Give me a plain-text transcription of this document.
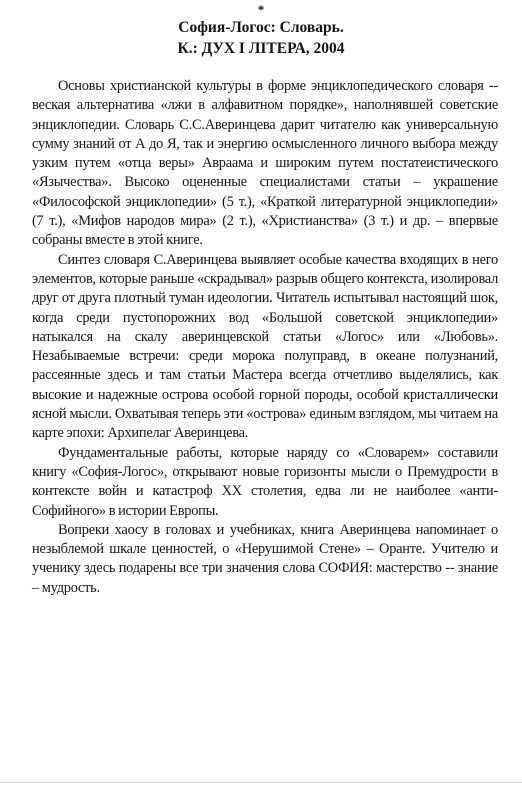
*
София-Логос: Словарь.
К.: ДУХ І ЛІТЕРА, 2004

Основы христианской культуры в форме энциклопедического словаря -- веская альтернатива «лжи в алфавитном порядке», наполнявшей советские энциклопедии. Словарь С.С.Аверинцева дарит читателю как универсальную сумму знаний от А до Я, так и энергию осмысленного личного выбора между узким путем «отца веры» Авраама и широким путем постатеистического «Язычества». Высоко оцененные специалистами статьи – украшение «Философской энциклопедии» (5 т.), «Краткой литературной энциклопедии» (7 т.), «Мифов народов мира» (2 т.), «Христианства» (3 т.) и др. – впервые собраны вместе в этой книге.

Синтез словаря С.Аверинцева выявляет особые качества входящих в него элементов, которые раньше «скрадывал» разрыв общего контекста, изолировал друг от друга плотный туман идеологии. Читатель испытывал настоящий шок, когда среди пустопорожних вод «Большой советской энциклопедии» натыкался на скалу аверинцевской статьи «Логос» или «Любовь». Незабываемые встречи: среди морока полуправд, в океане полузнаний, рассеянные здесь и там статьи Мастера всегда отчетливо выделялись, как высокие и надежные острова особой горной породы, особой кристаллически ясной мысли. Охватывая теперь эти «острова» единым взглядом, мы читаем на карте эпохи: Архипелаг Аверинцева.

Фундаментальные работы, которые наряду со «Словарем» составили книгу «София-Логос», открывают новые горизонты мысли о Премудрости в контексте войн и катастроф XX столетия, едва ли не наиболее «анти-Софийного» в истории Европы.

Вопреки хаосу в головах и учебниках, книга Аверинцева напоминает о незыблемой шкале ценностей, о «Нерушимой Стене» – Оранте. Учителю и ученику здесь подарены все три значения слова СОФИЯ: мастерство -- знание – мудрость.
